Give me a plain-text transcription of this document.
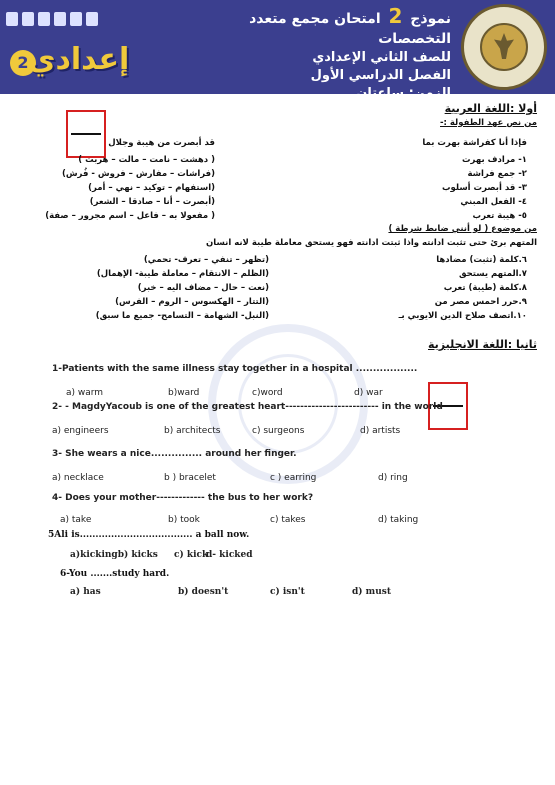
نموذج 2 امتحان مجمع متعدد التخصصات
للصف الثاني الإعدادي
الفصل الدراسي الأول
الزمن: ساعتان
2 إعدادي
أولا :اللغة العربية
من نص عهد الطفولة :-
فإذا أنا كفراشة بهرت بما
قد أبصرت من هيبة وجلال
١- مرادف بهرت
( دهشت – نامت – مالت – هربت )
٢- جمع فراشة
(فراشات – مفارش – فروش - فُرش)
٣- قد أبصرت أسلوب
(استفهام – توكيد – نهي – أمر)
٤- الفعل المبني
(أبصرت – أنا – صادقا – الشعر)
٥- هيبة تعرب
( مفعولا به – فاعل – اسم مجرور – صفة)
من موضوع ( لو أنني ضابط شرطة )
المتهم برئ حتى تثبت ادانته واذا ثبتت ادانته فهو يستحق معاملة طيبة لانه انسان
٦.كلمة (تثبت) مضادها
(تظهر – تنفي – تعرف- تحمي)
٧.المتهم يستحق
(الظلم – الانتقام – معاملة طيبة- الإهمال)
٨.كلمة (طيبة) تعرب
(نعت – حال – مضاف اليه – خبر)
٩.حرر احمس مصر من
(التتار – الهكسوس – الروم – الفرس)
١٠.اتصف صلاح الدين الايوبي بـ
(النبل- الشهامة – التسامح- جميع ما سبق)
ثانيا :اللغة الانجليزية
1-Patients with the same illness stay together in a hospital ..................
a) warm	b)ward	c)word	d) war
2- - MagdyYacoub is one of the greatest heart------------------------- in the world
a) engineers	b) architects	c) surgeons	d) artists
3- She wears a nice............... around her finger.
a) necklace	b ) bracelet	c ) earring	d) ring
4- Does your mother------------- the bus to her work?
a) take	b) took	c) takes	d) taking
5Ali is.................................... a ball now.
a)kickingb) kicks c) kick
d- kicked
6-You .......study hard.
a) has	b) doesn't	c) isn't	d) must
